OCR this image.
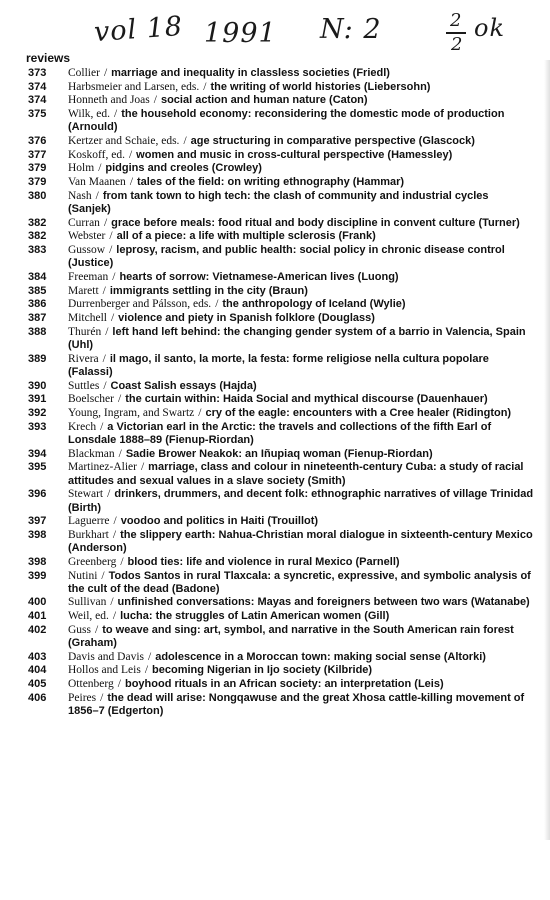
vol 18 1991 N: 2	2
2
ok
reviews
373	Collier / marriage and inequality in classless societies (Friedl)
374	Harbsmeier and Larsen, eds. / the writing of world histories (Liebersohn)
374	Honneth and Joas / social action and human nature (Caton)
375	Wilk, ed. / the household economy: reconsidering the domestic mode of production (Arnould)
376	Kertzer and Schaie, eds. / age structuring in comparative perspective (Glascock)
377	Koskoff, ed. / women and music in cross-cultural perspective (Hamessley)
379	Holm / pidgins and creoles (Crowley)
379	Van Maanen / tales of the field: on writing ethnography (Hammar)
380	Nash / from tank town to high tech: the clash of community and industrial cycles (Sanjek)
382	Curran / grace before meals: food ritual and body discipline in convent culture (Turner)
382	Webster / all of a piece: a life with multiple sclerosis (Frank)
383	Gussow / leprosy, racism, and public health: social policy in chronic disease control (Justice)
384	Freeman / hearts of sorrow: Vietnamese-American lives (Luong)
385	Marett / immigrants settling in the city (Braun)
386	Durrenberger and Pálsson, eds. / the anthropology of Iceland (Wylie)
387	Mitchell / violence and piety in Spanish folklore (Douglass)
388	Thurén / left hand left behind: the changing gender system of a barrio in Valencia, Spain (Uhl)
389	Rivera / il mago, il santo, la morte, la festa: forme religiose nella cultura popolare (Falassi)
390	Suttles / Coast Salish essays (Hajda)
391	Boelscher / the curtain within: Haida Social and mythical discourse (Dauenhauer)
392	Young, Ingram, and Swartz / cry of the eagle: encounters with a Cree healer (Ridington)
393	Krech / a Victorian earl in the Arctic: the travels and collections of the fifth Earl of Lonsdale 1888–89 (Fienup-Riordan)
394	Blackman / Sadie Brower Neakok: an Iñupiaq woman (Fienup-Riordan)
395	Martinez-Alier / marriage, class and colour in nineteenth-century Cuba: a study of racial attitudes and sexual values in a slave society (Smith)
396	Stewart / drinkers, drummers, and decent folk: ethnographic narratives of village Trinidad (Birth)
397	Laguerre / voodoo and politics in Haiti (Trouillot)
398	Burkhart / the slippery earth: Nahua-Christian moral dialogue in sixteenth-century Mexico (Anderson)
398	Greenberg / blood ties: life and violence in rural Mexico (Parnell)
399	Nutini / Todos Santos in rural Tlaxcala: a syncretic, expressive, and symbolic analysis of the cult of the dead (Badone)
400	Sullivan / unfinished conversations: Mayas and foreigners between two wars (Watanabe)
401	Weil, ed. / lucha: the struggles of Latin American women (Gill)
402	Guss / to weave and sing: art, symbol, and narrative in the South American rain forest (Graham)
403	Davis and Davis / adolescence in a Moroccan town: making social sense (Altorki)
404	Hollos and Leis / becoming Nigerian in Ijo society (Kilbride)
405	Ottenberg / boyhood rituals in an African society: an interpretation (Leis)
406	Peires / the dead will arise: Nongqawuse and the great Xhosa cattle-killing movement of 1856–7 (Edgerton)
